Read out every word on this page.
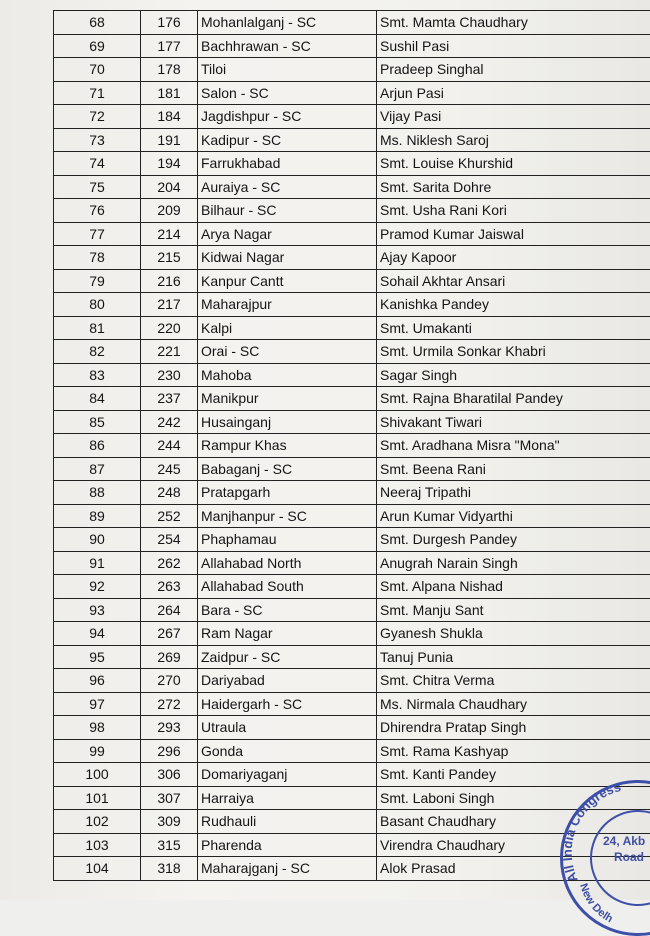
68	176	Mohanlalganj - SC	Smt. Mamta Chaudhary
69	177	Bachhrawan - SC	Sushil Pasi
70	178	Tiloi	Pradeep Singhal
71	181	Salon - SC	Arjun Pasi
72	184	Jagdishpur - SC	Vijay Pasi
73	191	Kadipur - SC	Ms. Niklesh Saroj
74	194	Farrukhabad	Smt. Louise Khurshid
75	204	Auraiya - SC	Smt. Sarita Dohre
76	209	Bilhaur - SC	Smt. Usha Rani Kori
77	214	Arya Nagar	Pramod Kumar Jaiswal
78	215	Kidwai Nagar	Ajay Kapoor
79	216	Kanpur Cantt	Sohail Akhtar Ansari
80	217	Maharajpur	Kanishka Pandey
81	220	Kalpi	Smt. Umakanti
82	221	Orai - SC	Smt. Urmila Sonkar Khabri
83	230	Mahoba	Sagar Singh
84	237	Manikpur	Smt. Rajna Bharatilal Pandey
85	242	Husainganj	Shivakant Tiwari
86	244	Rampur Khas	Smt. Aradhana Misra "Mona"
87	245	Babaganj - SC	Smt. Beena Rani
88	248	Pratapgarh	Neeraj Tripathi
89	252	Manjhanpur - SC	Arun Kumar Vidyarthi
90	254	Phaphamau	Smt. Durgesh Pandey
91	262	Allahabad North	Anugrah Narain Singh
92	263	Allahabad South	Smt. Alpana Nishad
93	264	Bara - SC	Smt. Manju Sant
94	267	Ram Nagar	Gyanesh Shukla
95	269	Zaidpur - SC	Tanuj Punia
96	270	Dariyabad	Smt. Chitra Verma
97	272	Haidergarh - SC	Ms. Nirmala Chaudhary
98	293	Utraula	Dhirendra Pratap Singh
99	296	Gonda	Smt. Rama Kashyap
100	306	Domariyaganj	Smt. Kanti Pandey
101	307	Harraiya	Smt. Laboni Singh
102	309	Rudhauli	Basant Chaudhary
103	315	Pharenda	Virendra Chaudhary
104	318	Maharajganj - SC	Alok Prasad
All India Congress
New Delh
24, Akb
Road
